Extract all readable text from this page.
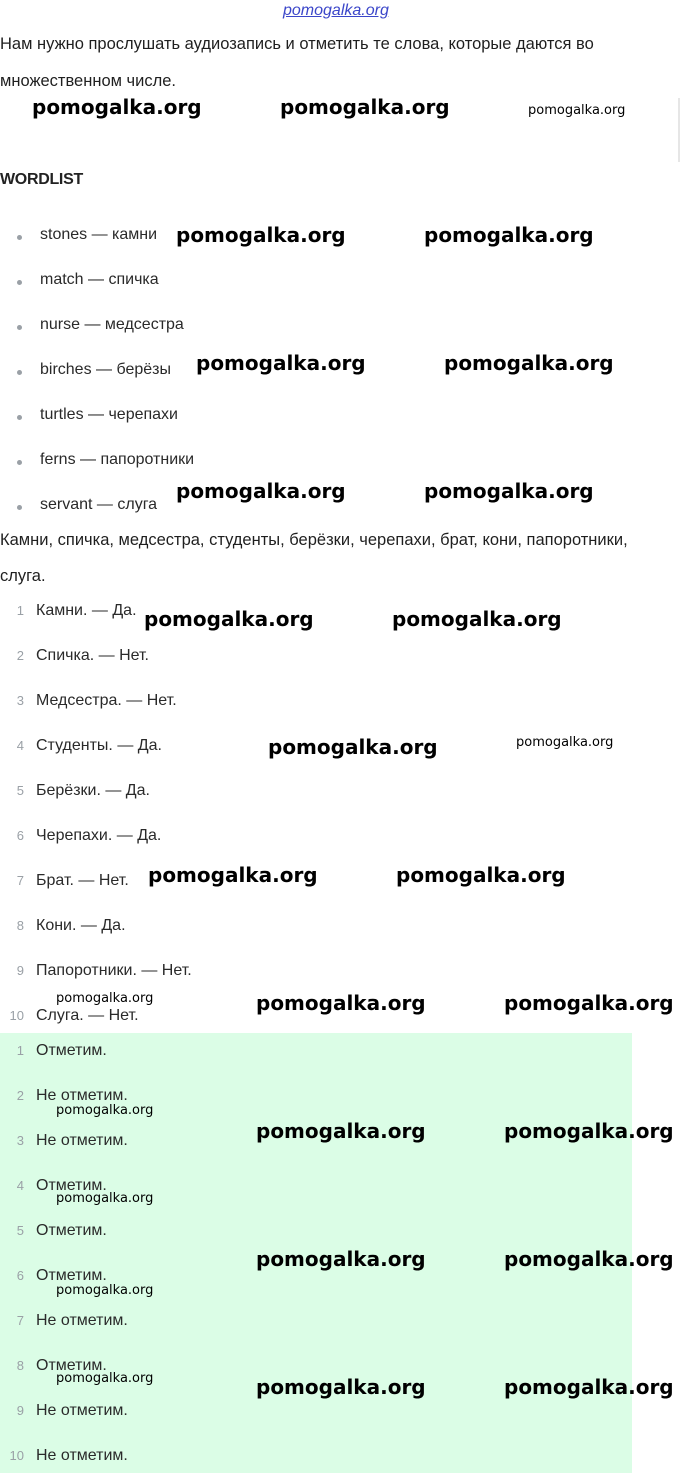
pomogalka.org
Нам нужно прослушать аудиозапись и отметить те слова, которые даются во множественном числе.
WORDLIST
stones — камни
match — спичка
nurse — медсестра
birches — берёзы
turtles — черепахи
ferns — папоротники
servant — слуга
Камни, спичка, медсестра, студенты, берёзки, черепахи, брат, кони, папоротники, слуга.
1 Камни. — Да.
2 Спичка. — Нет.
3 Медсестра. — Нет.
4 Студенты. — Да.
5 Берёзки. — Да.
6 Черепахи. — Да.
7 Брат. — Нет.
8 Кони. — Да.
9 Папоротники. — Нет.
10 Слуга. — Нет.
1 Отметим.
2 Не отметим.
3 Не отметим.
4 Отметим.
5 Отметим.
6 Отметим.
7 Не отметим.
8 Отметим.
9 Не отметим.
10 Не отметим.
pomogalka.org	pomogalka.org	pomogalka.org
pomogalka.org	pomogalka.org
pomogalka.org	pomogalka.org
pomogalka.org	pomogalka.org
pomogalka.org	pomogalka.org
pomogalka.org	pomogalka.org
pomogalka.org	pomogalka.org
pomogalka.org	pomogalka.org	pomogalka.org
pomogalka.org
pomogalka.org	pomogalka.org
pomogalka.org
pomogalka.org	pomogalka.org
pomogalka.org
pomogalka.org	pomogalka.org	pomogalka.org
